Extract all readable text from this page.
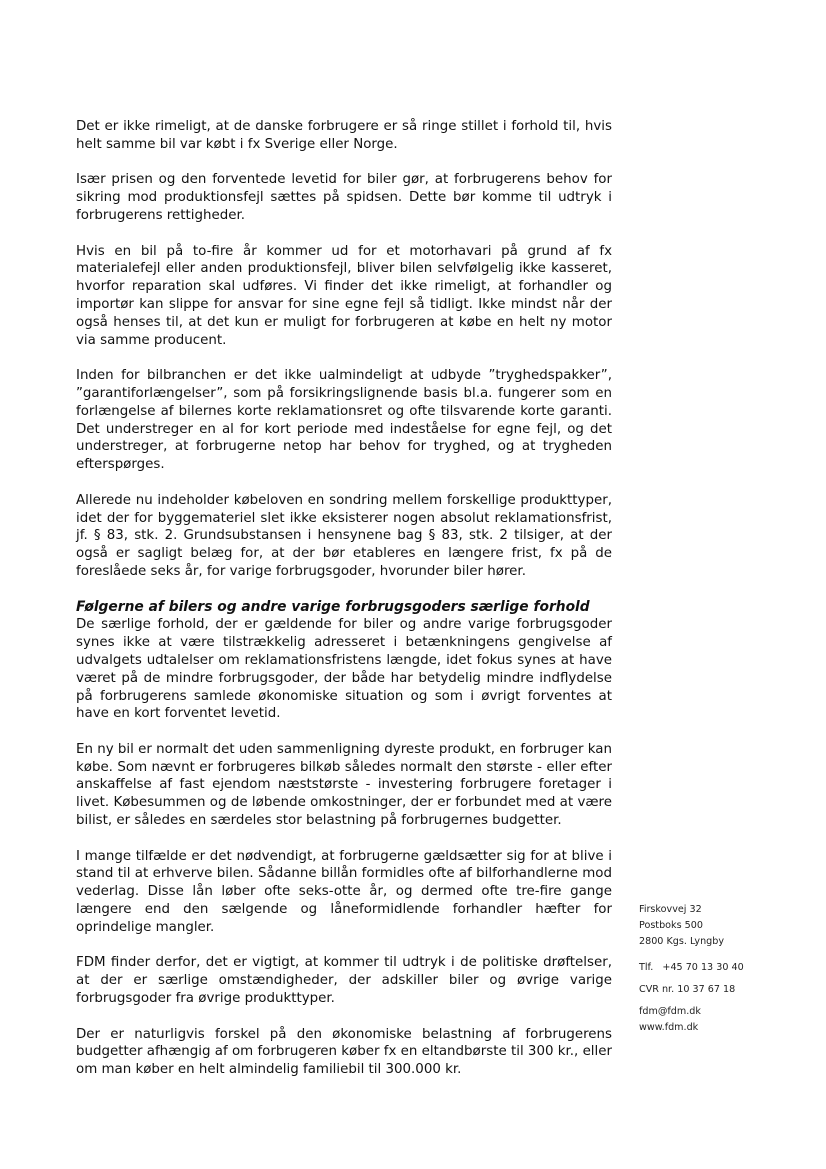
Det er ikke rimeligt, at de danske forbrugere er så ringe stillet i forhold til, hvis helt samme bil var købt i fx Sverige eller Norge.

Især prisen og den forventede levetid for biler gør, at forbrugerens behov for sikring mod produktionsfejl sættes på spidsen. Dette bør komme til udtryk i forbrugerens rettigheder.

Hvis en bil på to-fire år kommer ud for et motorhavari på grund af fx materialefejl eller anden produktionsfejl, bliver bilen selvfølgelig ikke kasseret, hvorfor reparation skal udføres. Vi finder det ikke rimeligt, at forhandler og importør kan slippe for ansvar for sine egne fejl så tidligt. Ikke mindst når der også henses til, at det kun er muligt for forbrugeren at købe en helt ny motor via samme producent.

Inden for bilbranchen er det ikke ualmindeligt at udbyde ”tryghedspakker”, ”garantiforlængelser”, som på forsikringslignende basis bl.a. fungerer som en forlængelse af bilernes korte reklamationsret og ofte tilsvarende korte garanti. Det understreger en al for kort periode med indeståelse for egne fejl, og det understreger, at forbrugerne netop har behov for tryghed, og at trygheden efterspørges.

Allerede nu indeholder købeloven en sondring mellem forskellige produkttyper, idet der for byggemateriel slet ikke eksisterer nogen absolut reklamationsfrist, jf. § 83, stk. 2. Grundsubstansen i hensynene bag § 83, stk. 2 tilsiger, at der også er sagligt belæg for, at der bør etableres en længere frist, fx på de foreslåede seks år, for varige forbrugsgoder, hvorunder biler hører.

Følgerne af bilers og andre varige forbrugsgoders særlige forhold

De særlige forhold, der er gældende for biler og andre varige forbrugsgoder synes ikke at være tilstrækkelig adresseret i betænkningens gengivelse af udvalgets udtalelser om reklamationsfristens længde, idet fokus synes at have været på de mindre forbrugsgoder, der både har betydelig mindre indflydelse på forbrugerens samlede økonomiske situation og som i øvrigt forventes at have en kort forventet levetid.

En ny bil er normalt det uden sammenligning dyreste produkt, en forbruger kan købe. Som nævnt er forbrugeres bilkøb således normalt den største - eller efter anskaffelse af fast ejendom næststørste - investering forbrugere foretager i livet. Købesummen og de løbende omkostninger, der er forbundet med at være bilist, er således en særdeles stor belastning på forbrugernes budgetter.

I mange tilfælde er det nødvendigt, at forbrugerne gældsætter sig for at blive i stand til at erhverve bilen. Sådanne billån formidles ofte af bilforhandlerne mod vederlag. Disse lån løber ofte seks-otte år, og dermed ofte tre-fire gange længere end den sælgende og låneformidlende forhandler hæfter for oprindelige mangler.

FDM finder derfor, det er vigtigt, at kommer til udtryk i de politiske drøftelser, at der er særlige omstændigheder, der adskiller biler og øvrige varige forbrugsgoder fra øvrige produkttyper.

Der er naturligvis forskel på den økonomiske belastning af forbrugerens budgetter afhængig af om forbrugeren køber fx en eltandbørste til 300 kr., eller om man køber en helt almindelig familiebil til 300.000 kr.

Firskovvej 32
Postboks 500
2800 Kgs. Lyngby
Tlf.   +45 70 13 30 40
CVR nr. 10 37 67 18
fdm@fdm.dk
www.fdm.dk
